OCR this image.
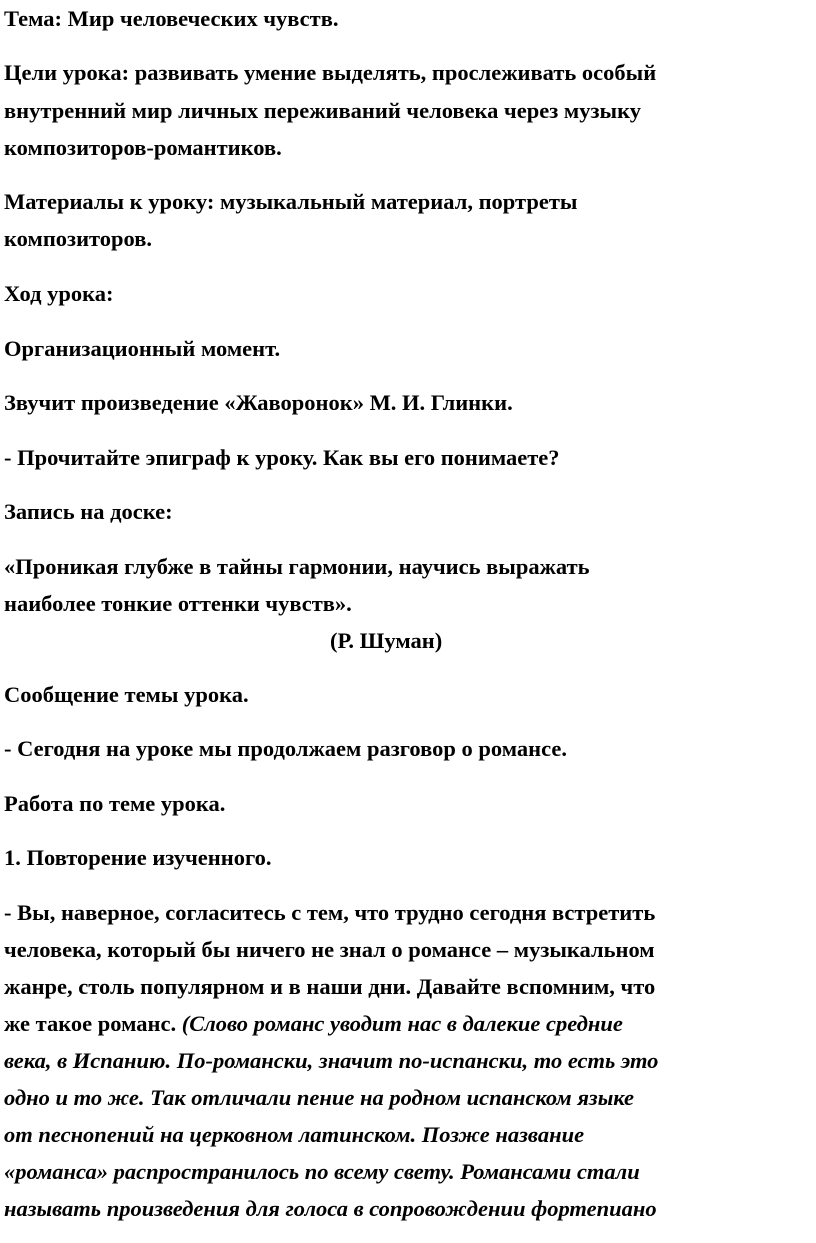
Тема: Мир человеческих чувств.

Цели урока: развивать умение выделять, прослеживать особый

внутренний мир личных переживаний человека через музыку

композиторов-романтиков.

Материалы к уроку: музыкальный материал, портреты

композиторов.

Ход урока:

Организационный момент.

Звучит произведение «Жаворонок» М. И. Глинки.

- Прочитайте эпиграф к уроку. Как вы его понимаете?

Запись на доске:

«Проникая глубже в тайны гармонии, научись выражать

наиболее тонкие оттенки чувств».

(Р. Шуман)

Сообщение темы урока.

- Сегодня на уроке мы продолжаем разговор о романсе.

Работа по теме урока.

1. Повторение изученного.

- Вы, наверное, согласитесь с тем, что трудно сегодня встретить

человека, который бы ничего не знал о романсе – музыкальном

жанре, столь популярном и в наши дни. Давайте вспомним, что

же такое романс. (Слово романс уводит нас в далекие средние

века, в Испанию. По-романски, значит по-испански, то есть это

одно и то же. Так отличали пение на родном испанском языке

от песнопений на церковном латинском. Позже название

«романса» распространилось по всему свету. Романсами стали

называть произведения для голоса в сопровождении фортепиано
